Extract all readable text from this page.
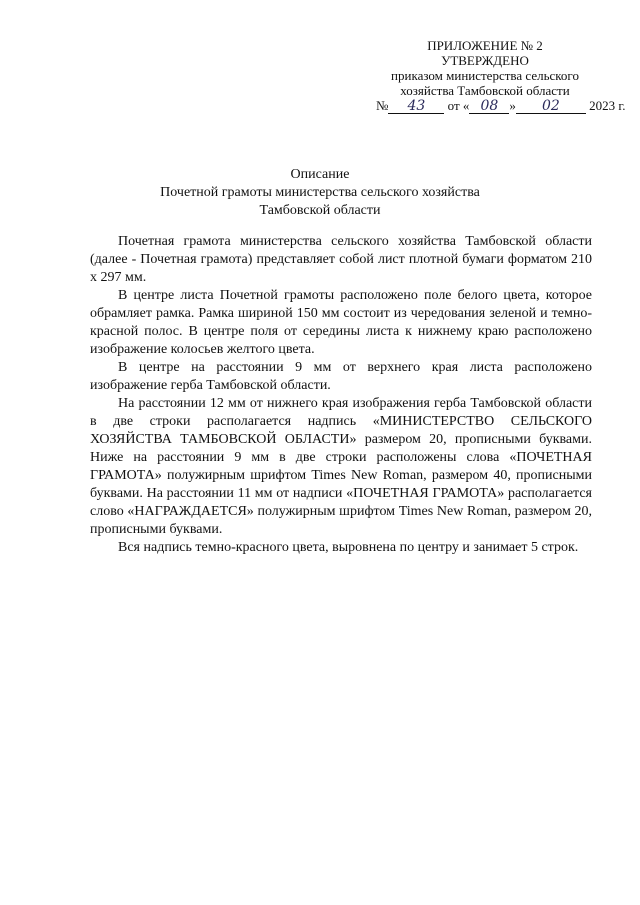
ПРИЛОЖЕНИЕ № 2
УТВЕРЖДЕНО
приказом министерства сельского
хозяйства Тамбовской области
№ 43 от « 08 » 02 2023 г.
Описание
Почетной грамоты министерства сельского хозяйства
Тамбовской области

Почетная грамота министерства сельского хозяйства Тамбовской области (далее - Почетная грамота) представляет собой лист плотной бумаги форматом 210 х 297 мм.

В центре листа Почетной грамоты расположено поле белого цвета, которое обрамляет рамка. Рамка шириной 150 мм состоит из чередования зеленой и темно-красной полос. В центре поля от середины листа к нижнему краю расположено изображение колосьев желтого цвета.

В центре на расстоянии 9 мм от верхнего края листа расположено изображение герба Тамбовской области.

На расстоянии 12 мм от нижнего края изображения герба Тамбовской области в две строки располагается надпись «МИНИСТЕРСТВО СЕЛЬСКОГО ХОЗЯЙСТВА ТАМБОВСКОЙ ОБЛАСТИ» размером 20, прописными буквами. Ниже на расстоянии 9 мм в две строки расположены слова «ПОЧЕТНАЯ ГРАМОТА» полужирным шрифтом Times New Roman, размером 40, прописными буквами. На расстоянии 11 мм от надписи «ПОЧЕТНАЯ ГРАМОТА» располагается слово «НАГРАЖДАЕТСЯ» полужирным шрифтом Times New Roman, размером 20, прописными буквами.

Вся надпись темно-красного цвета, выровнена по центру и занимает 5 строк.
